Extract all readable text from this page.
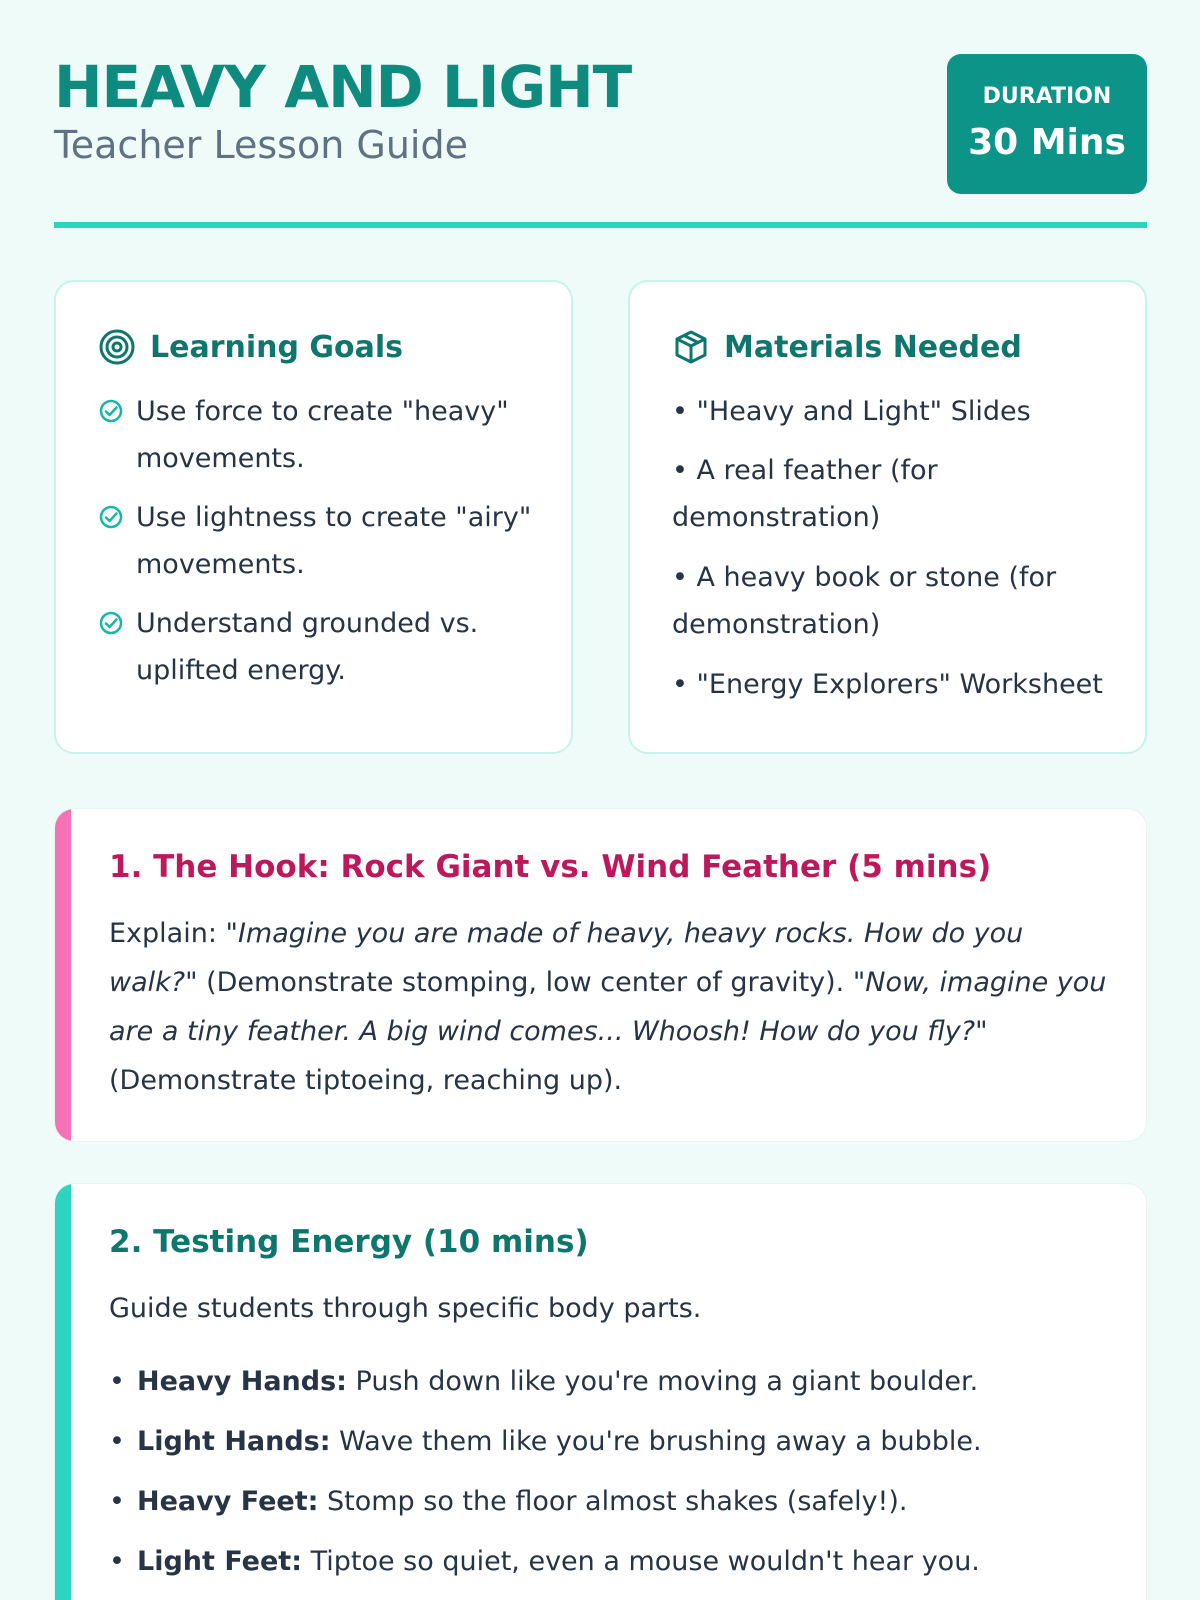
HEAVY AND LIGHT
Teacher Lesson Guide
DURATION
30 Mins
Learning Goals
Use force to create "heavy" movements.
Use lightness to create "airy" movements.
Understand grounded vs. uplifted energy.
Materials Needed
• "Heavy and Light" Slides
• A real feather (for demonstration)
• A heavy book or stone (for demonstration)
• "Energy Explorers" Worksheet
1. The Hook: Rock Giant vs. Wind Feather (5 mins)
Explain: "Imagine you are made of heavy, heavy rocks. How do you walk?" (Demonstrate stomping, low center of gravity). "Now, imagine you are a tiny feather. A big wind comes... Whoosh! How do you fly?" (Demonstrate tiptoeing, reaching up).
2. Testing Energy (10 mins)
Guide students through specific body parts.
• Heavy Hands: Push down like you're moving a giant boulder.
• Light Hands: Wave them like you're brushing away a bubble.
• Heavy Feet: Stomp so the floor almost shakes (safely!).
• Light Feet: Tiptoe so quiet, even a mouse wouldn't hear you.
